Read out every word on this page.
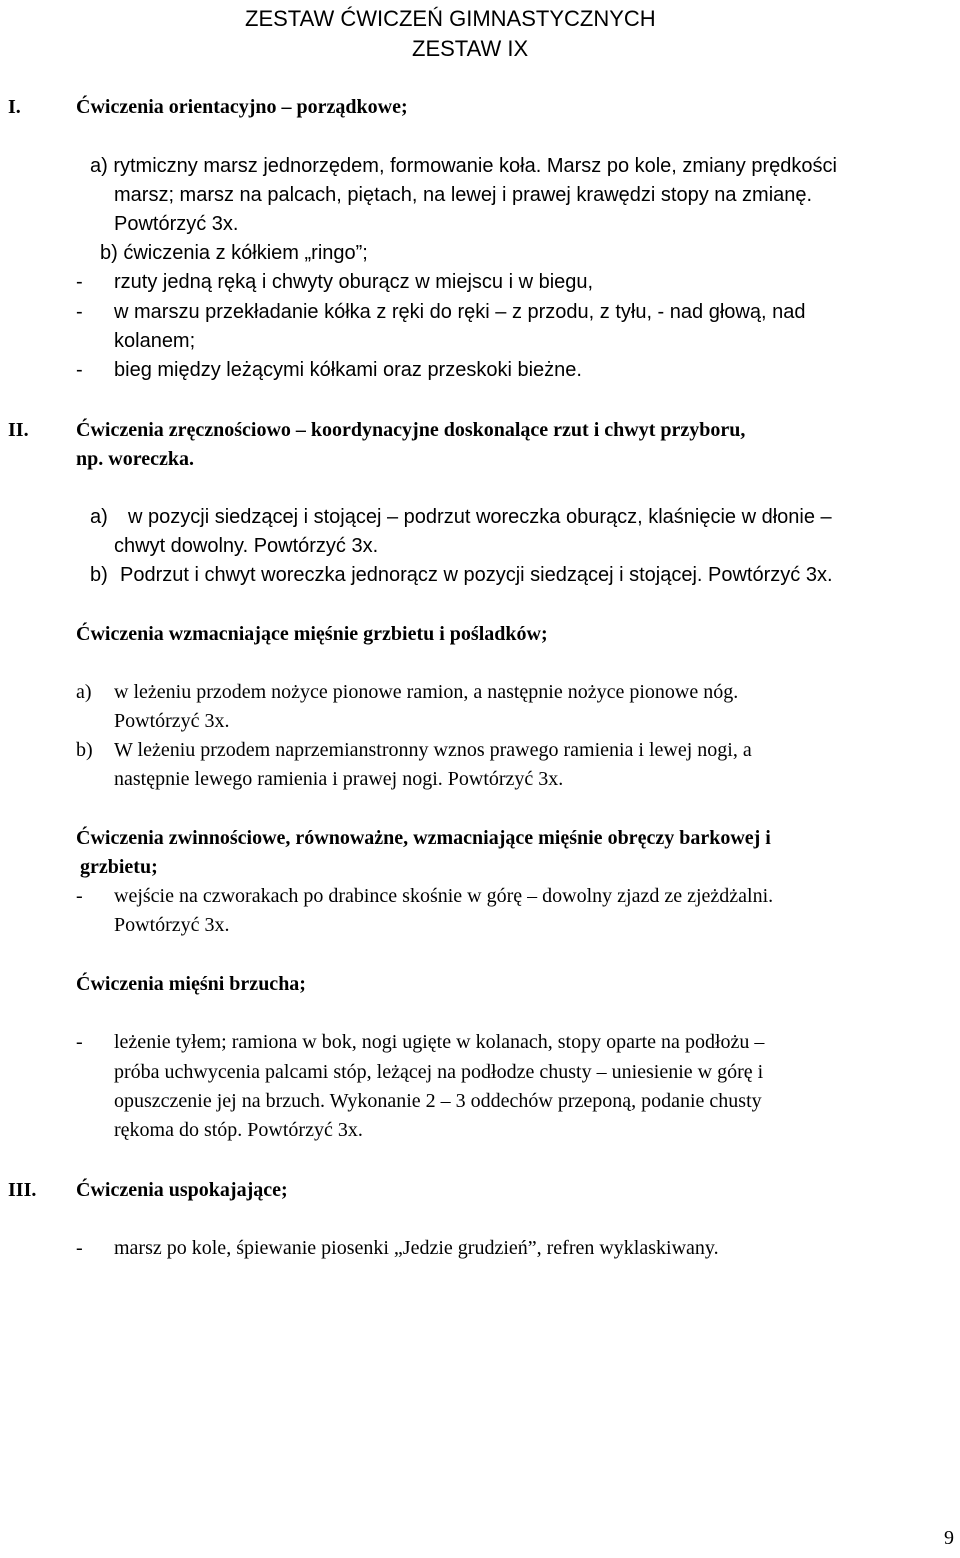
ZESTAW ĆWICZEŃ GIMNASTYCZNYCH
ZESTAW IX
I.	Ćwiczenia orientacyjno – porządkowe;
a) rytmiczny marsz jednorzędem, formowanie koła. Marsz po kole, zmiany prędkości
marsz; marsz na palcach, piętach, na lewej i prawej krawędzi stopy na zmianę.
Powtórzyć 3x.
b) ćwiczenia z kółkiem „ringo”;
- rzuty jedną ręką i chwyty oburącz w miejscu i w biegu,
- w marszu przekładanie kółka z ręki do ręki – z przodu, z tyłu, - nad głową, nad
kolanem;
- bieg między leżącymi kółkami oraz przeskoki bieżne.
II. Ćwiczenia zręcznościowo – koordynacyjne doskonalące rzut i chwyt przyboru,
np. woreczka.
a) w pozycji siedzącej i stojącej – podrzut woreczka oburącz, klaśnięcie w dłonie –
chwyt dowolny. Powtórzyć 3x.
b) Podrzut i chwyt woreczka jednorącz w pozycji siedzącej i stojącej. Powtórzyć 3x.
Ćwiczenia wzmacniające mięśnie grzbietu i pośladków;
a) w leżeniu przodem nożyce pionowe ramion, a następnie nożyce pionowe nóg.
Powtórzyć 3x.
b) W leżeniu przodem naprzemianstronny wznos prawego ramienia i lewej nogi, a
następnie lewego ramienia i prawej nogi. Powtórzyć 3x.
Ćwiczenia zwinnościowe, równoważne, wzmacniające mięśnie obręczy barkowej i
grzbietu;
- wejście na czworakach po drabince skośnie w górę – dowolny zjazd ze zjeżdżalni.
Powtórzyć 3x.
Ćwiczenia mięśni brzucha;
- leżenie tyłem; ramiona w bok, nogi ugięte w kolanach, stopy oparte na podłożu –
próba uchwycenia palcami stóp, leżącej na podłodze chusty – uniesienie w górę i
opuszczenie jej na brzuch. Wykonanie 2 – 3 oddechów przeponą, podanie chusty
rękoma do stóp. Powtórzyć 3x.
III. Ćwiczenia uspokajające;
- marsz po kole, śpiewanie piosenki „Jedzie grudzień”, refren wyklaskiwany.
9
